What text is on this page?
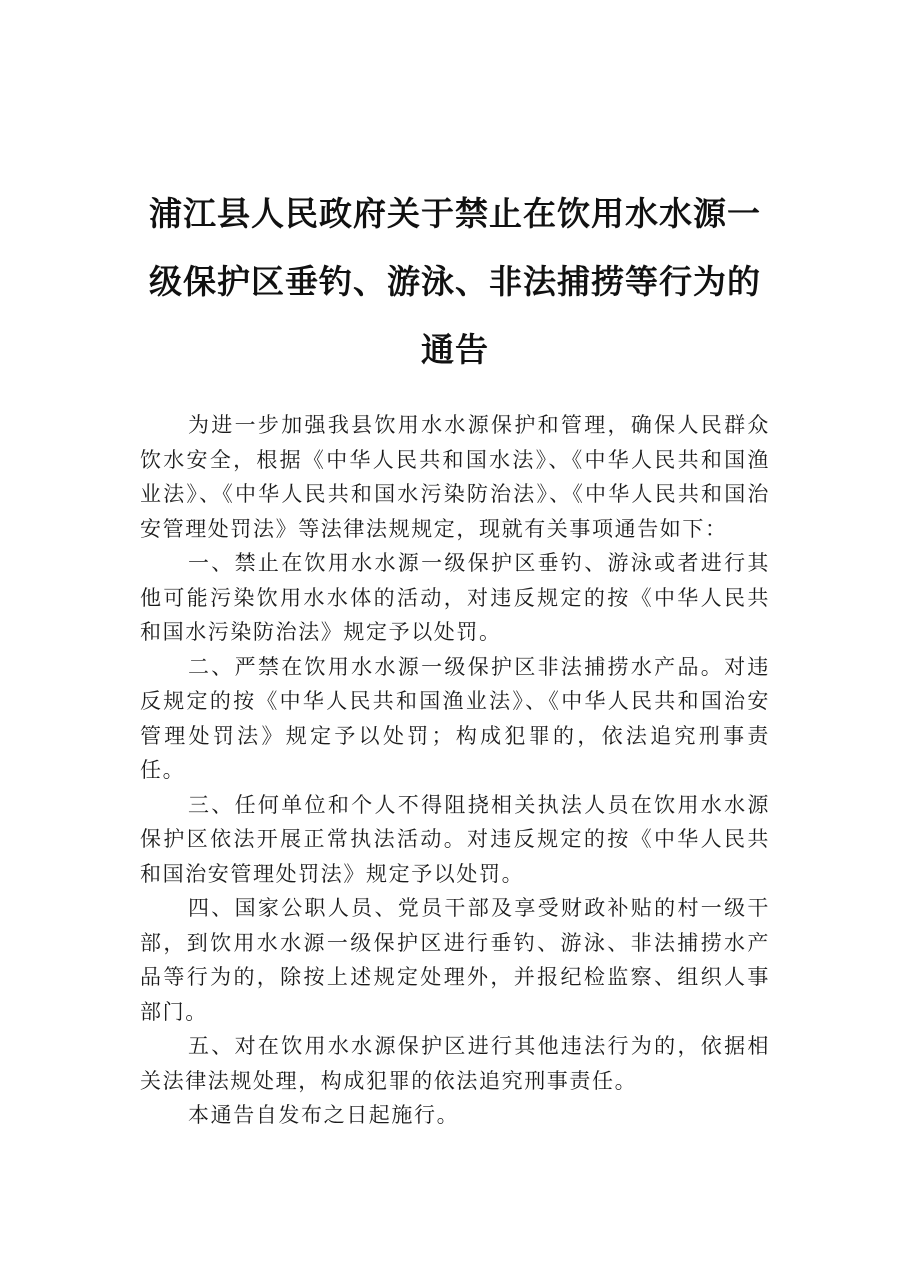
浦江县人民政府关于禁止在饮用水水源一
级保护区垂钓、游泳、非法捕捞等行为的
通告

为进一步加强我县饮用水水源保护和管理，确保人民群众饮水安全，根据《中华人民共和国水法》、《中华人民共和国渔业法》、《中华人民共和国水污染防治法》、《中华人民共和国治安管理处罚法》等法律法规规定，现就有关事项通告如下：

一、禁止在饮用水水源一级保护区垂钓、游泳或者进行其他可能污染饮用水水体的活动，对违反规定的按《中华人民共和国水污染防治法》规定予以处罚。

二、严禁在饮用水水源一级保护区非法捕捞水产品。对违反规定的按《中华人民共和国渔业法》、《中华人民共和国治安管理处罚法》规定予以处罚；构成犯罪的，依法追究刑事责任。

三、任何单位和个人不得阻挠相关执法人员在饮用水水源保护区依法开展正常执法活动。对违反规定的按《中华人民共和国治安管理处罚法》规定予以处罚。

四、国家公职人员、党员干部及享受财政补贴的村一级干部，到饮用水水源一级保护区进行垂钓、游泳、非法捕捞水产品等行为的，除按上述规定处理外，并报纪检监察、组织人事部门。

五、对在饮用水水源保护区进行其他违法行为的，依据相关法律法规处理，构成犯罪的依法追究刑事责任。

本通告自发布之日起施行。
